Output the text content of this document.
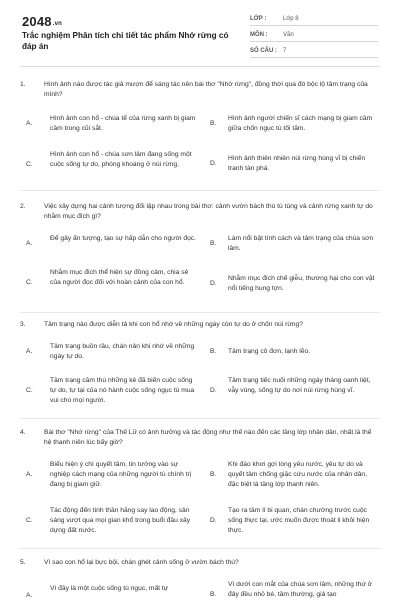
2048.vn
Trắc nghiệm Phân tích chi tiết tác phẩm Nhớ rừng có đáp án
LỚP :	Lớp 8
MÔN :	Văn
SỐ CÂU :	7
1.	Hình ảnh nào được tác giả mượn để sáng tác nên bài thơ "Nhớ rừng", đồng thời qua đó bộc lộ tâm trạng của mình?
A.
Hình ảnh con hổ - chúa tể của rừng xanh bị giam cầm trong cũi sắt.
B.
Hình ảnh người chiến sĩ cách mạng bị giam cầm giữa chốn ngục tù tối tăm.
C.
Hình ảnh con hổ - chúa sơn lâm đang sống một cuộc sống tự do, phóng khoáng ở núi rừng.	D.
Hình ảnh thiên nhiên núi rừng hùng vĩ bị chiến tranh tàn phá.
2.	Việc xây dựng hai cảnh tượng đối lập nhau trong bài thơ: cảnh vườn bách thú tù túng và cảnh rừng xanh tự do nhằm mục đích gì?
A.
Để gây ấn tượng, tạo sự hấp dẫn cho người đọc.
B.
Làm nổi bật tính cách và tâm trạng của chúa sơn lâm.
C.
Nhằm mục đích thể hiện sự đồng cảm, chia sẻ của người đọc đối với hoàn cảnh của con hổ.	D.
Nhằm mục đích chế giễu, thương hại cho con vật nổi tiếng hung tợn.
3.	Tâm trạng nào được diễn tả khi con hổ nhớ về những ngày còn tự do ở chốn núi rừng?
A.
Tâm trạng buồn rầu, chán nản khi nhớ về những ngày tự do.
B.	Tâm trạng cô đơn, lạnh lẽo.
C.
Tâm trạng căm thù những kẻ đã biến cuộc sống tự do, tự tại của nó hành cuộc sống ngục tù mua vui cho mọi người.
D.
Tâm trạng tiếc nuối những ngày tháng oanh liệt, vẫy vùng, sống tự do nơi núi rừng hùng vĩ.
4.	Bài thơ "Nhớ rừng" của Thế Lữ có ảnh hưởng và tác động như thế nào đến các tầng lớp nhân dân, nhất là thế hệ thanh niên lúc bấy giờ?
A.
Biểu hiện ý chí quyết tâm, tin tưởng vào sự nghiệp cách mạng của những người tù chính trị đang bị giam giữ.
B.
Khi đáo khơi gợi lòng yêu nước, yêu tự do và quyết tâm chống giặc cứu nước của nhân dân, đặc biệt là tầng lớp thanh niên.
C.
Tác động đến tinh thần hăng say lao động, sản sáng vượt qua mọi gian khổ trong buổi đầu xây dựng đất nước.
D.
Tạo ra tâm lí bi quan, chán chường trước cuộc sống thực tại, ước muốn được thoát li khỏi hiện thực.
5.	Vì sao con hổ lại bực bội, chán ghét cảnh sống ở vườn bách thú?
A.
Vì đây là một cuộc sống tù ngục, mất tự
B.
Vì dưới con mắt của chúa sơn lâm, những thứ ở đây đều nhỏ bé, tầm thường, giả tạo
